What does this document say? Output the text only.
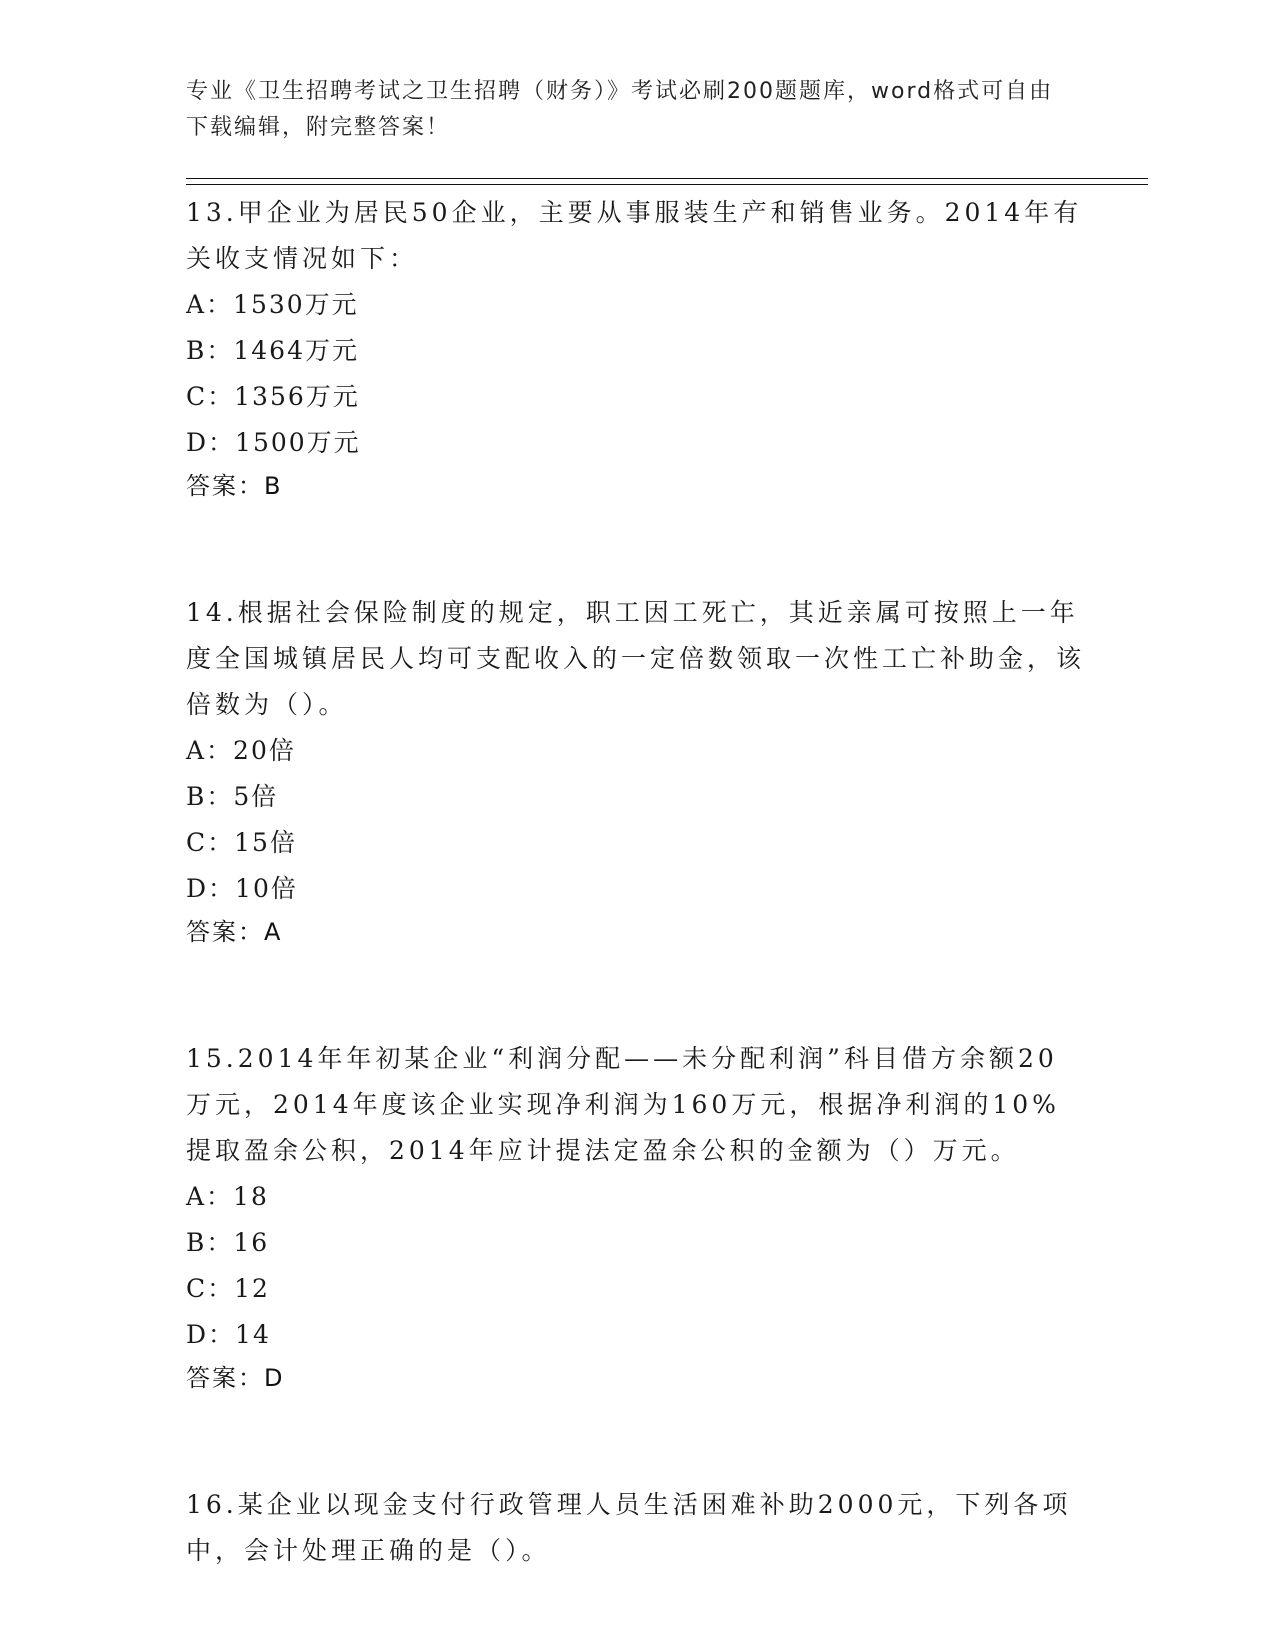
专业《卫生招聘考试之卫生招聘（财务）》考试必刷200题题库，word格式可自由下载编辑，附完整答案！

13.甲企业为居民50企业，主要从事服装生产和销售业务。2014年有关收支情况如下：

A：1530万元

B：1464万元

C：1356万元

D：1500万元

答案：B

14.根据社会保险制度的规定，职工因工死亡，其近亲属可按照上一年度全国城镇居民人均可支配收入的一定倍数领取一次性工亡补助金，该倍数为（）。

A：20倍

B：5倍

C：15倍

D：10倍

答案：A

15.2014年年初某企业“利润分配——未分配利润”科目借方余额20万元，2014年度该企业实现净利润为160万元，根据净利润的10%提取盈余公积，2014年应计提法定盈余公积的金额为（）万元。

A：18

B：16

C：12

D：14

答案：D

16.某企业以现金支付行政管理人员生活困难补助2000元，下列各项中，会计处理正确的是（）。
